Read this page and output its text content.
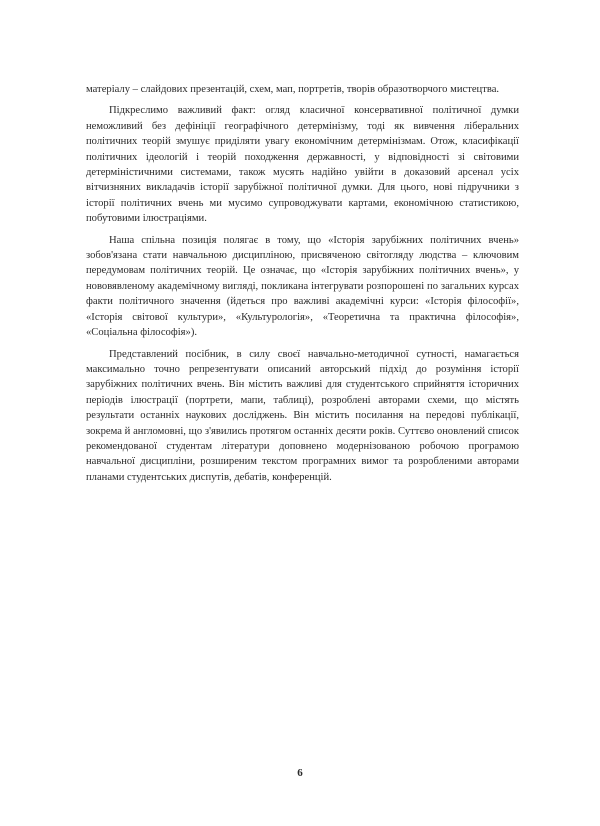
матеріалу – слайдових презентацій, схем, мап, портретів, творів образотворчого мистецтва.

Підкреслимо важливий факт: огляд класичної консервативної політичної думки неможливий без дефініції географічного детермінізму, тоді як вивчення ліберальних політичних теорій змушує приділяти увагу економічним детермінізмам. Отож, класифікації політичних ідеологій і теорій походження державності, у відповідності зі світовими детерміністичними системами, також мусять надійно увійти в доказовий арсенал усіх вітчизняних викладачів історії зарубіжної політичної думки. Для цього, нові підручники з історії політичних вчень ми мусимо супроводжувати картами, економічною статистикою, побутовими ілюстраціями.

Наша спільна позиція полягає в тому, що «Історія зарубіжних політичних вчень» зобов'язана стати навчальною дисципліною, присвяченою світогляду людства – ключовим передумовам політичних теорій. Це означає, що «Історія зарубіжних політичних вчень», у нововявленому академічному вигляді, покликана інтегрувати розпорошені по загальних курсах факти політичного значення (йдеться про важливі академічні курси: «Історія філософії», «Історія світової культури», «Культурологія», «Теоретична та практична філософія», «Соціальна філософія»).

Представлений посібник, в силу своєї навчально-методичної сутності, намагається максимально точно репрезентувати описаний авторський підхід до розуміння історії зарубіжних політичних вчень. Він містить важливі для студентського сприйняття історичних періодів ілюстрації (портрети, мапи, таблиці), розроблені авторами схеми, що містять результати останніх наукових досліджень. Він містить посилання на передові публікації, зокрема й англомовні, що з'явились протягом останніх десяти років. Суттєво оновлений список рекомендованої студентам літератури доповнено модернізованою робочою програмою навчальної дисципліни, розширеним текстом програмних вимог та розробленими авторами планами студентських диспутів, дебатів, конференцій.

6
